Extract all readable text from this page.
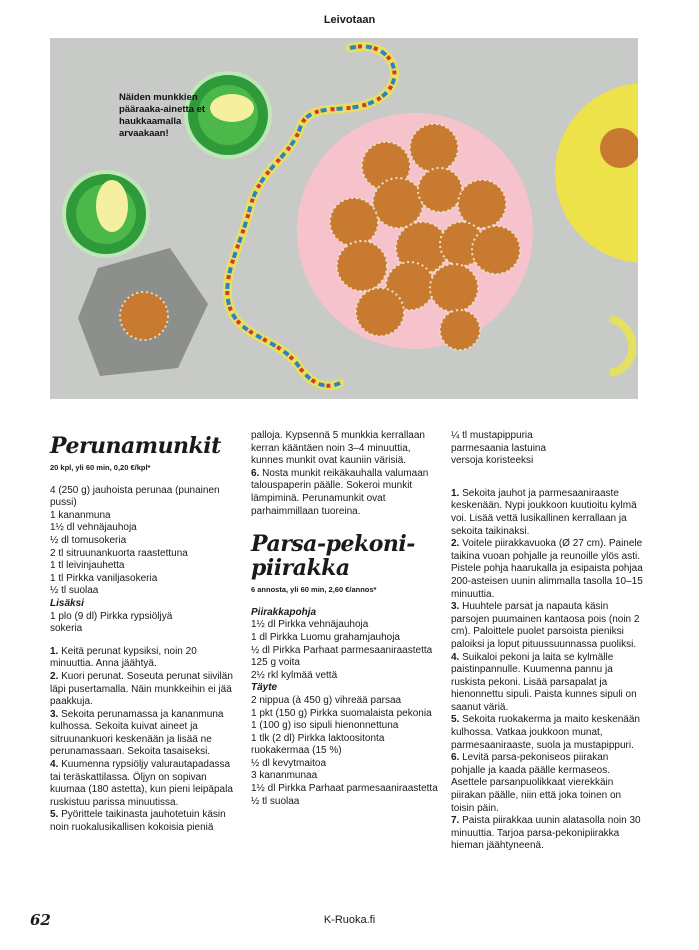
Leivotaan
Näiden munkkien pääraaka-ainetta et haukkaamalla arvaakaan!
Perunamunkit
20 kpl, yli 60 min, 0,20 €/kpl*

4 (250 g) jauhoista perunaa (punainen pussi)

1 kananmuna

1½ dl vehnäjauhoja

½ dl tomusokeria

2 tl sitruunankuorta raastettuna

1 tl leivinjauhetta

1 tl Pirkka vaniljasokeria

½ tl suolaa

Lisäksi

1 plo (9 dl) Pirkka rypsiöljyä

sokeria

1. Keitä perunat kypsiksi, noin 20 minuuttia. Anna jäähtyä.

2. Kuori perunat. Soseuta perunat siivilän läpi pusertamalla. Näin munkkeihin ei jää paakkuja.

3. Sekoita perunamassa ja kananmuna kulhossa. Sekoita kuivat aineet ja sitruunankuori keskenään ja lisää ne perunamassaan. Sekoita tasaiseksi.

4. Kuumenna rypsiöljy valurautapadassa tai teräskattilassa. Öljyn on sopivan kuumaa (180 astetta), kun pieni leipäpala ruskistuu parissa minuutissa.

5. Pyörittele taikinasta jauhotetuin käsin noin ruokalusikallisen kokoisia pieniä

palloja. Kypsennä 5 munkkia kerrallaan kerran kääntäen noin 3–4 minuuttia, kunnes munkit ovat kauniin värisiä.

6. Nosta munkit reikäkauhalla valumaan talouspaperin päälle. Sokeroi munkit lämpiminä. Perunamunkit ovat parhaimmillaan tuoreina.

Parsa-pekoni-
piirakka
6 annosta, yli 60 min, 2,60 €/annos*

Piirakkapohja

1½ dl Pirkka vehnäjauhoja

1 dl Pirkka Luomu grahamjauhoja

½ dl Pirkka Parhaat parmesaaniraastetta

125 g voita

2½ rkl kylmää vettä

Täyte

2 nippua (à 450 g) vihreää parsaa

1 pkt (150 g) Pirkka suomalaista pekonia

1 (100 g) iso sipuli hienonnettuna

1 tlk (2 dl) Pirkka laktoositonta ruokakermaa (15 %)

½ dl kevytmaitoa

3 kananmunaa

1½ dl Pirkka Parhaat parmesaaniraastetta

½ tl suolaa

¼ tl mustapippuria

parmesaania lastuina

versoja koristeeksi

1. Sekoita jauhot ja parmesaaniraaste keskenään. Nypi joukkoon kuutioitu kylmä voi. Lisää vettä lusikallinen kerrallaan ja sekoita taikinaksi.

2. Voitele piirakkavuoka (Ø 27 cm). Painele taikina vuoan pohjalle ja reunoille ylös asti. Pistele pohja haarukalla ja esipaista pohjaa 200-asteisen uunin alimmalla tasolla 10–15 minuuttia.

3. Huuhtele parsat ja napauta käsin parsojen puumainen kantaosa pois (noin 2 cm). Paloittele puolet parsoista pieniksi paloiksi ja loput pituussuunnassa puoliksi.

4. Suikaloi pekoni ja laita se kylmälle paistinpannulle. Kuumenna pannu ja ruskista pekoni. Lisää parsapalat ja hienonnettu sipuli. Paista kunnes sipuli on saanut väriä.

5. Sekoita ruokakerma ja maito keskenään kulhossa. Vatkaa joukkoon munat, parmesaaniraaste, suola ja mustapippuri.

6. Levitä parsa-pekoniseos piirakan pohjalle ja kaada päälle kermaseos. Asettele parsanpuolikkaat vierekkäin piirakan päälle, niin että joka toinen on toisin päin.

7. Paista piirakkaa uunin alatasolla noin 30 minuuttia. Tarjoa parsa-pekonipiirakka hieman jäähtyneenä.

62	K-Ruoka.fi
